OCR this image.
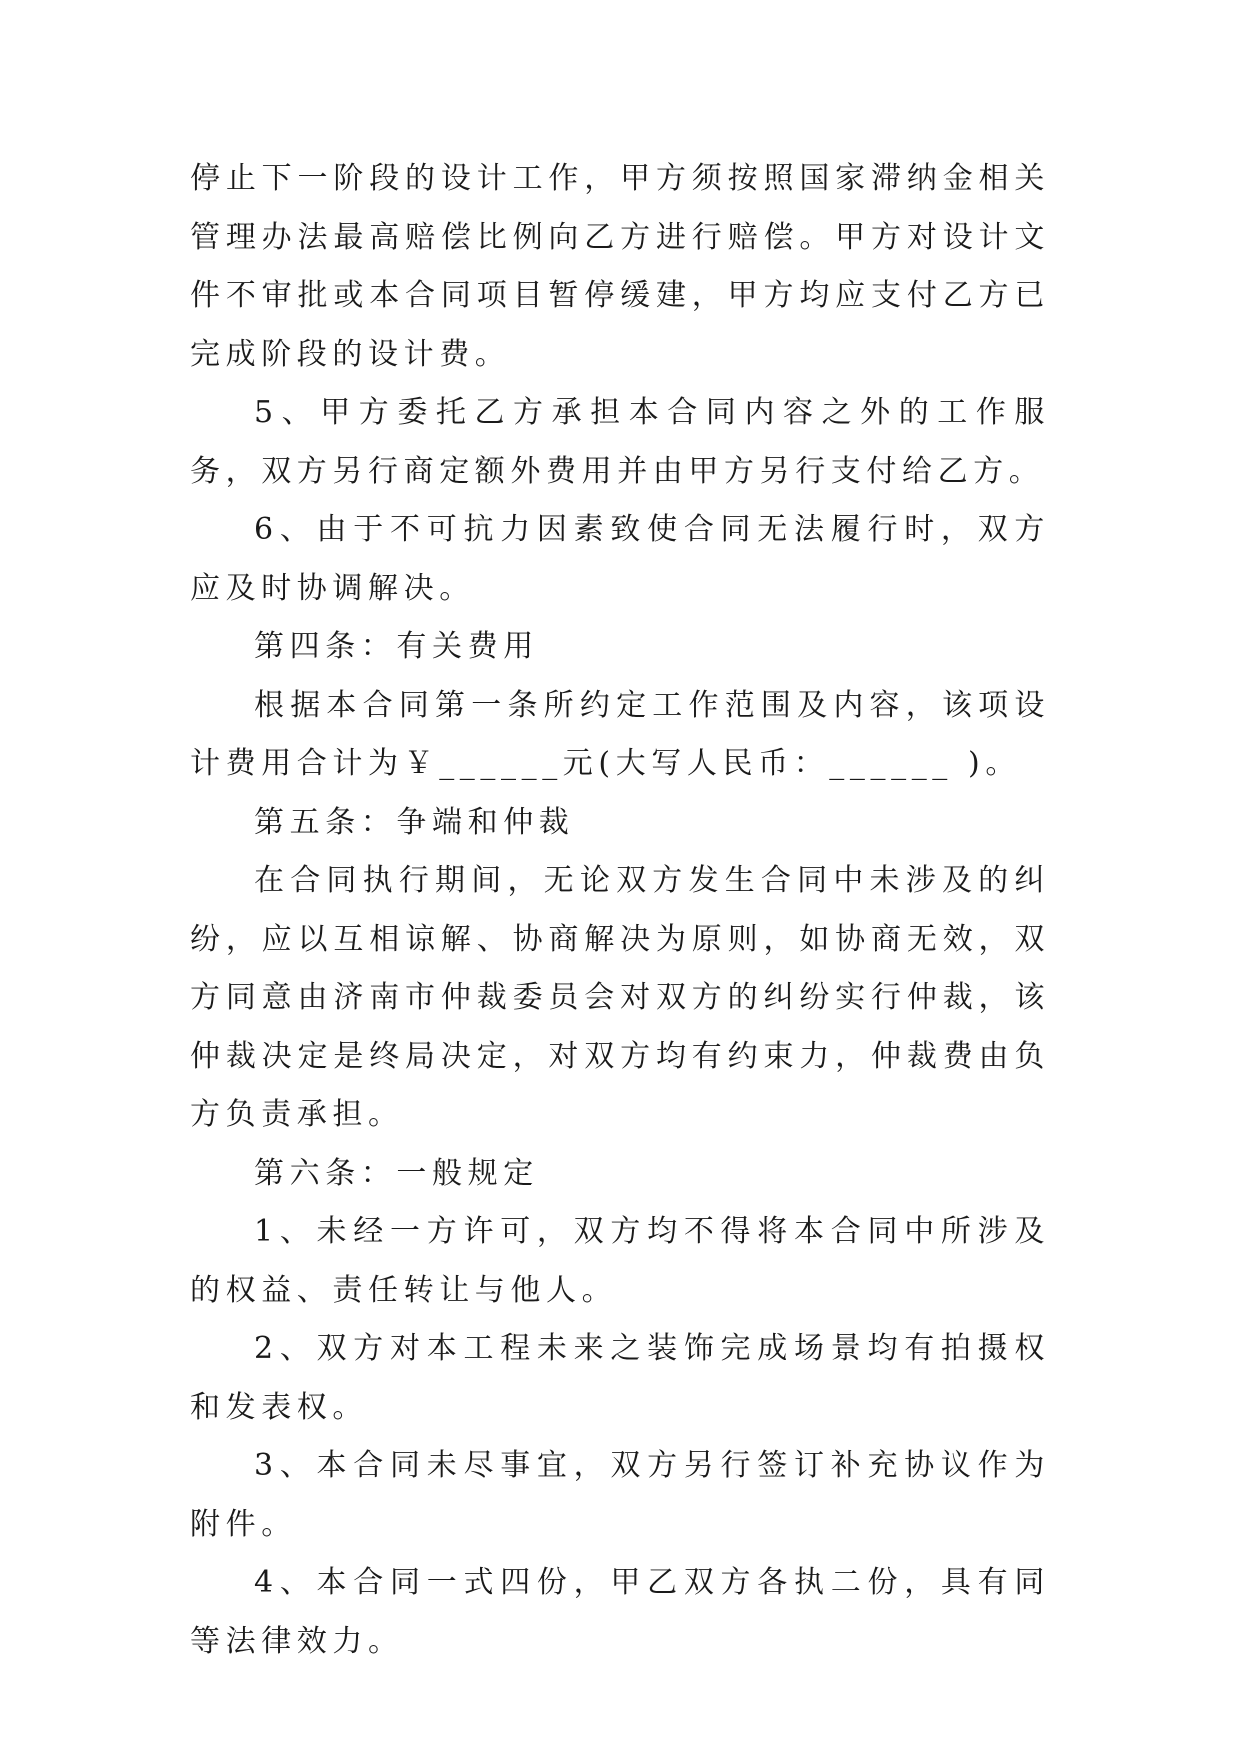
停止下一阶段的设计工作，甲方须按照国家滞纳金相关管理办法最高赔偿比例向乙方进行赔偿。甲方对设计文件不审批或本合同项目暂停缓建，甲方均应支付乙方已完成阶段的设计费。

5、甲方委托乙方承担本合同内容之外的工作服务，双方另行商定额外费用并由甲方另行支付给乙方。

6、由于不可抗力因素致使合同无法履行时，双方应及时协调解决。

第四条：有关费用

根据本合同第一条所约定工作范围及内容，该项设计费用合计为￥______元(大写人民币：______ )。

第五条：争端和仲裁

在合同执行期间，无论双方发生合同中未涉及的纠纷，应以互相谅解、协商解决为原则，如协商无效，双方同意由济南市仲裁委员会对双方的纠纷实行仲裁，该仲裁决定是终局决定，对双方均有约束力，仲裁费由负方负责承担。

第六条：一般规定

1、未经一方许可，双方均不得将本合同中所涉及的权益、责任转让与他人。

2、双方对本工程未来之装饰完成场景均有拍摄权和发表权。

3、本合同未尽事宜，双方另行签订补充协议作为附件。

4、本合同一式四份，甲乙双方各执二份，具有同等法律效力。
